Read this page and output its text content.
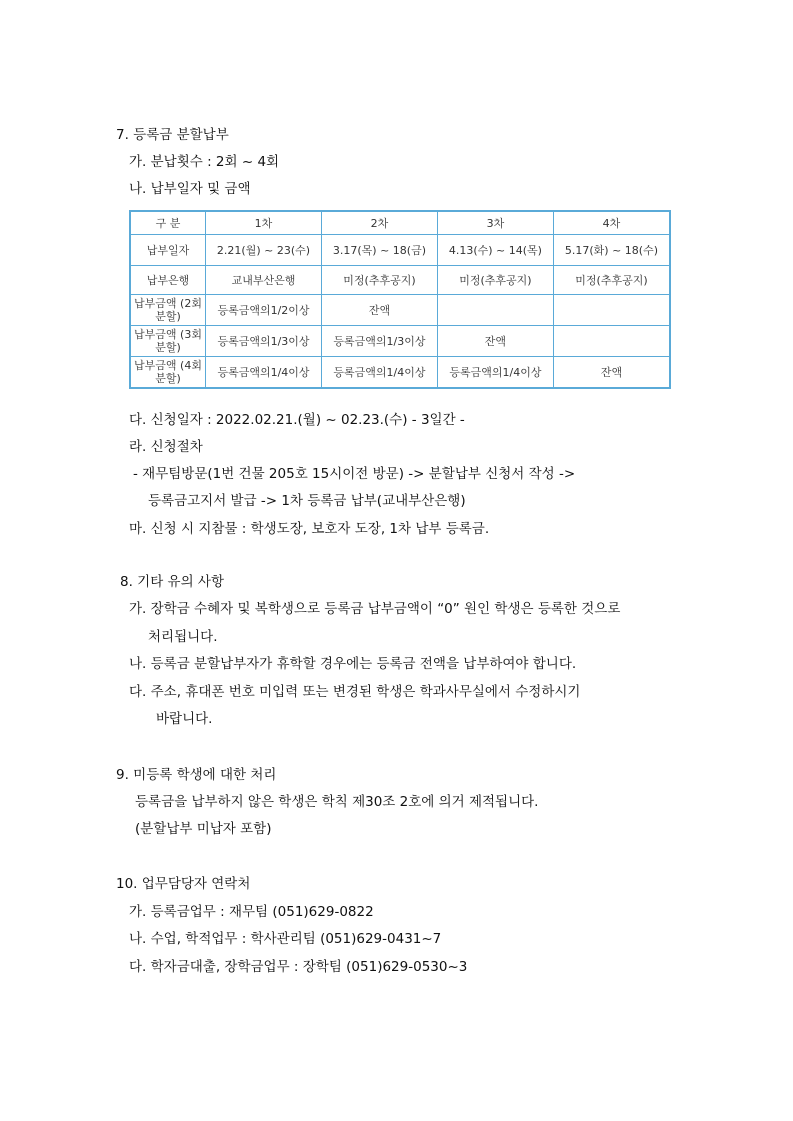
7. 등록금 분할납부
가. 분납횟수 : 2회 ~ 4회
나. 납부일자 및 금액
구 분	1차	2차	3차	4차
납부일자	2.21(월) ~ 23(수)	3.17(목) ~ 18(금)	4.13(수) ~ 14(목)	5.17(화) ~ 18(수)
납부은행	교내부산은행	미정(추후공지)	미정(추후공지)	미정(추후공지)
납부금액 (2회분할)	등록금액의1/2이상	잔액		
납부금액 (3회분할)	등록금액의1/3이상	등록금액의1/3이상	잔액	
납부금액 (4회분할)	등록금액의1/4이상	등록금액의1/4이상	등록금액의1/4이상	잔액
다. 신청일자 : 2022.02.21.(월) ~ 02.23.(수) - 3일간 -
라. 신청절차
- 재무팀방문(1번 건물 205호 15시이전 방문) -> 분할납부 신청서 작성 ->
등록금고지서 발급 -> 1차 등록금 납부(교내부산은행)
마. 신청 시 지참물 : 학생도장, 보호자 도장, 1차 납부 등록금.
8. 기타 유의 사항
가. 장학금 수혜자 및 복학생으로 등록금 납부금액이 “0” 원인 학생은 등록한 것으로
처리됩니다.
나. 등록금 분할납부자가 휴학할 경우에는 등록금 전액을 납부하여야 합니다.
다. 주소, 휴대폰 번호 미입력 또는 변경된 학생은 학과사무실에서 수정하시기
바랍니다.
9. 미등록 학생에 대한 처리
등록금을 납부하지 않은 학생은 학칙 제30조 2호에 의거 제적됩니다.
(분할납부 미납자 포함)
10. 업무담당자 연락처
가. 등록금업무 : 재무팀 (051)629-0822
나. 수업, 학적업무 : 학사관리팀 (051)629-0431~7
다. 학자금대출, 장학금업무 : 장학팀 (051)629-0530~3
